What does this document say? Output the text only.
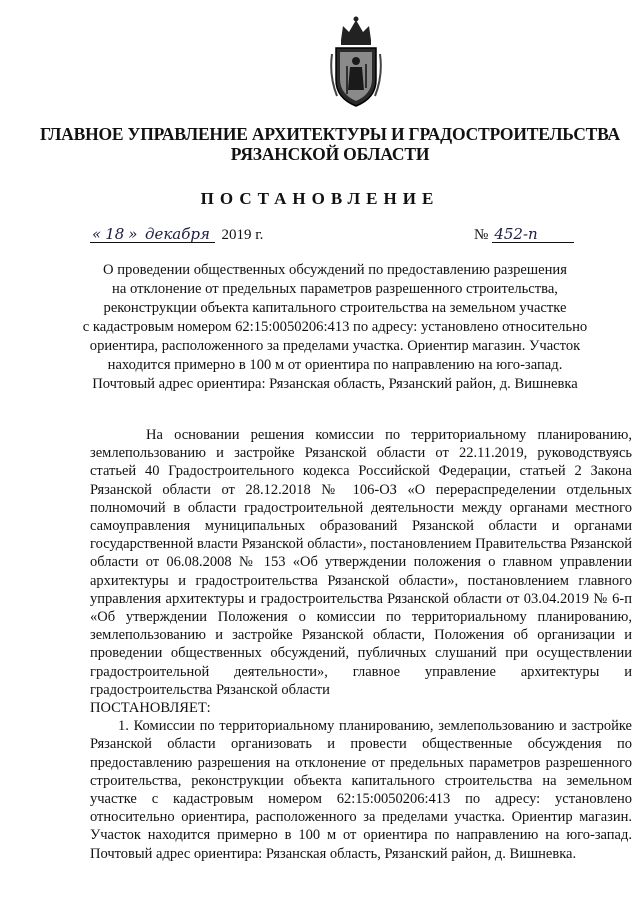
ГЛАВНОЕ УПРАВЛЕНИЕ АРХИТЕКТУРЫ И ГРАДОСТРОИТЕЛЬСТВА
РЯЗАНСКОЙ ОБЛАСТИ
ПОСТАНОВЛЕНИЕ
« 18 » декабря 2019 г.	№ 452-п
О проведении общественных обсуждений по предоставлению разрешения
на отклонение от предельных параметров разрешенного строительства,
реконструкции объекта капитального строительства на земельном участке
с кадастровым номером 62:15:0050206:413 по адресу: установлено относительно
ориентира, расположенного за пределами участка. Ориентир магазин. Участок
находится примерно в 100 м от ориентира по направлению на юго-запад.
Почтовый адрес ориентира: Рязанская область, Рязанский район, д. Вишневка

На основании решения комиссии по территориальному планированию, землепользованию и застройке Рязанской области от 22.11.2019, руководствуясь статьей 40 Градостроительного кодекса Российской Федерации, статьей 2 Закона Рязанской области от 28.12.2018 № 106-ОЗ «О перераспределении отдельных полномочий в области градостроительной деятельности между органами местного самоуправления муниципальных образований Рязанской области и органами государственной власти Рязанской области», постановлением Правительства Рязанской области от 06.08.2008 № 153 «Об утверждении положения о главном управлении архитектуры и градостроительства Рязанской области», постановлением главного управления архитектуры и градостроительства Рязанской области от 03.04.2019 № 6-п «Об утверждении Положения о комиссии по территориальному планированию, землепользованию и застройке Рязанской области, Положения об организации и проведении общественных обсуждений, публичных слушаний при осуществлении градостроительной деятельности», главное управление архитектуры и градостроительства Рязанской области

ПОСТАНОВЛЯЕТ:

1. Комиссии по территориальному планированию, землепользованию и застройке Рязанской области организовать и провести общественные обсуждения по предоставлению разрешения на отклонение от предельных параметров разрешенного строительства, реконструкции объекта капитального строительства на земельном участке с кадастровым номером 62:15:0050206:413 по адресу: установлено относительно ориентира, расположенного за пределами участка. Ориентир магазин. Участок находится примерно в 100 м от ориентира по направлению на юго-запад. Почтовый адрес ориентира: Рязанская область, Рязанский район, д. Вишневка.
